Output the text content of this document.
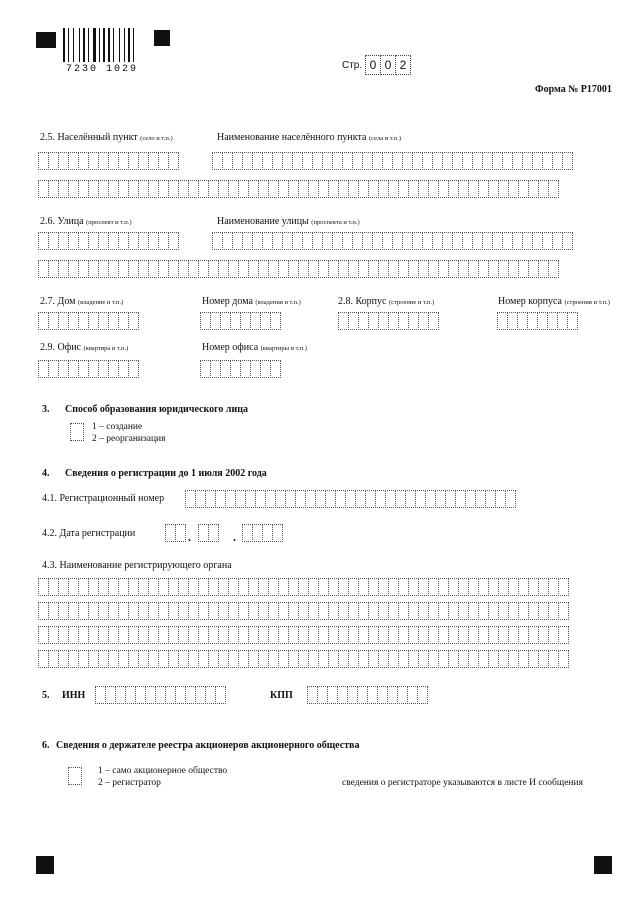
7230 1029	Стр. 0 0 2
Форма № Р17001
2.5. Населённый пункт (село и т.п.)	Наименование населённого пункта (села и т.п.)
2.6. Улица (проспект и т.п.)	Наименование улицы (проспекта и т.п.)
2.7. Дом (владение и т.п.)	Номер дома (владения и т.п.)	2.8. Корпус (строение и т.п.)	Номер корпуса (строения и т.п.)
2.9. Офис (квартира и т.п.)	Номер офиса (квартиры и т.п.)
3. Способ образования юридического лица
1 – создание
2 – реорганизация
4. Сведения о регистрации до 1 июля 2002 года
4.1. Регистрационный номер
4.2. Дата регистрации	.	.
4.3. Наименование регистрирующего органа
5. ИНН	КПП
6. Сведения о держателе реестра акционеров акционерного общества
1 – само акционерное общество
2 – регистратор	сведения о регистраторе указываются в листе И сообщения
